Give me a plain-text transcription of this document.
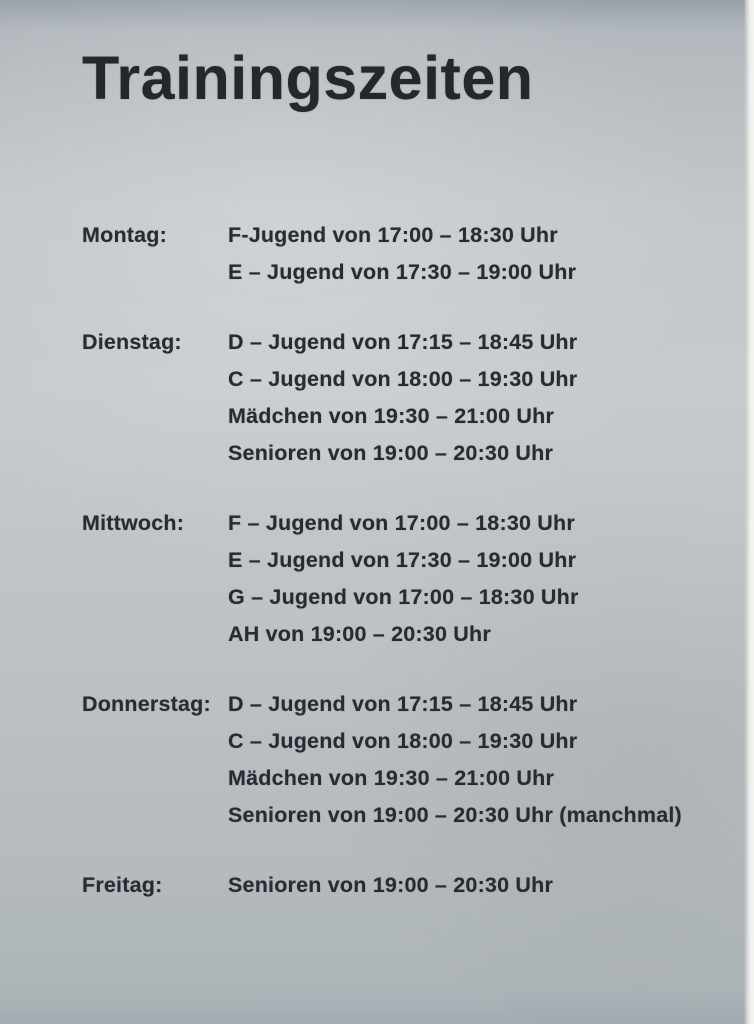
Trainingszeiten
Montag:	F-Jugend von 17:00 – 18:30 Uhr
E – Jugend von 17:30 – 19:00 Uhr
Dienstag:	D – Jugend von 17:15 – 18:45 Uhr
C – Jugend von 18:00 – 19:30 Uhr
Mädchen von 19:30 – 21:00 Uhr
Senioren von 19:00 – 20:30 Uhr
Mittwoch:	F – Jugend von 17:00 – 18:30 Uhr
E – Jugend von 17:30 – 19:00 Uhr
G – Jugend von 17:00 – 18:30 Uhr
AH von 19:00 – 20:30 Uhr
Donnerstag: D – Jugend von 17:15 – 18:45 Uhr
C – Jugend von 18:00 – 19:30 Uhr
Mädchen von 19:30 – 21:00 Uhr
Senioren von 19:00 – 20:30 Uhr (manchmal)
Freitag:	Senioren von 19:00 – 20:30 Uhr
